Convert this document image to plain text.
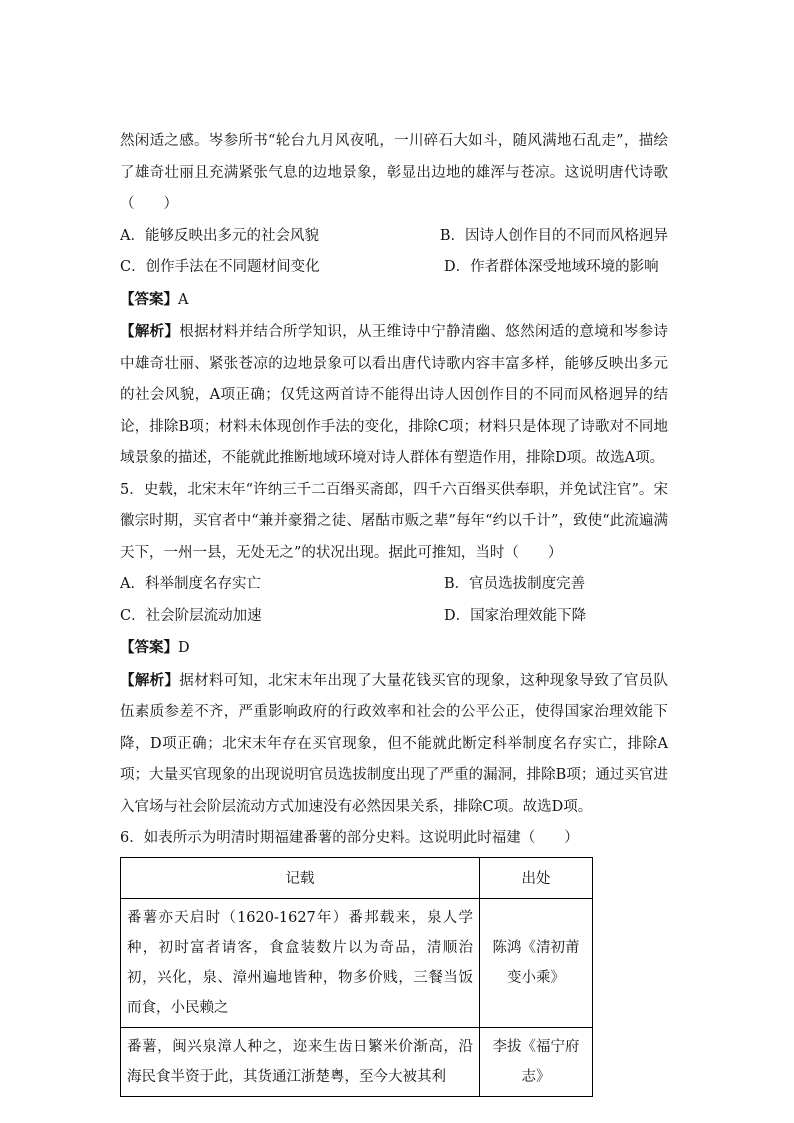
然闲适之感。岑参所书“轮台九月风夜吼，一川碎石大如斗，随风满地石乱走”，描绘了雄奇壮丽且充满紧张气息的边地景象，彰显出边地的雄浑与苍凉。这说明唐代诗歌（　　）

A．能够反映出多元的社会风貌	B．因诗人创作目的不同而风格迥异
C．创作手法在不同题材间变化	D．作者群体深受地域环境的影响

【答案】A

【解析】根据材料并结合所学知识，从王维诗中宁静清幽、悠然闲适的意境和岑参诗中雄奇壮丽、紧张苍凉的边地景象可以看出唐代诗歌内容丰富多样，能够反映出多元的社会风貌，A项正确；仅凭这两首诗不能得出诗人因创作目的不同而风格迥异的结论，排除B项；材料未体现创作手法的变化，排除C项；材料只是体现了诗歌对不同地域景象的描述，不能就此推断地域环境对诗人群体有塑造作用，排除D项。故选A项。

5．史载，北宋末年“许纳三千二百缗买斋郎，四千六百缗买供奉职，并免试注官”。宋徽宗时期，买官者中“兼并豪猾之徒、屠酤市贩之辈”每年“约以千计”，致使“此流遍满天下，一州一县，无处无之”的状况出现。据此可推知，当时（　　）

A．科举制度名存实亡	B．官员选拔制度完善
C．社会阶层流动加速	D．国家治理效能下降

【答案】D

【解析】据材料可知，北宋末年出现了大量花钱买官的现象，这种现象导致了官员队伍素质参差不齐，严重影响政府的行政效率和社会的公平公正，使得国家治理效能下降，D项正确；北宋末年存在买官现象，但不能就此断定科举制度名存实亡，排除A项；大量买官现象的出现说明官员选拔制度出现了严重的漏洞，排除B项；通过买官进入官场与社会阶层流动方式加速没有必然因果关系，排除C项。故选D项。

6．如表所示为明清时期福建番薯的部分史料。这说明此时福建（　　）

记载	出处
番薯亦天启时（1620-1627年）番邦载来，泉人学种，初时富者请客，食盒装数片以为奇品，清顺治初，兴化，泉、漳州遍地皆种，物多价贱，三餐当饭而食，小民赖之	陈鸿《清初莆变小乘》
番薯，闽兴泉漳人种之，迩来生齿日繁米价渐高，沿海民食半资于此，其货通江浙楚粤，至今大被其利	李拔《福宁府志》
